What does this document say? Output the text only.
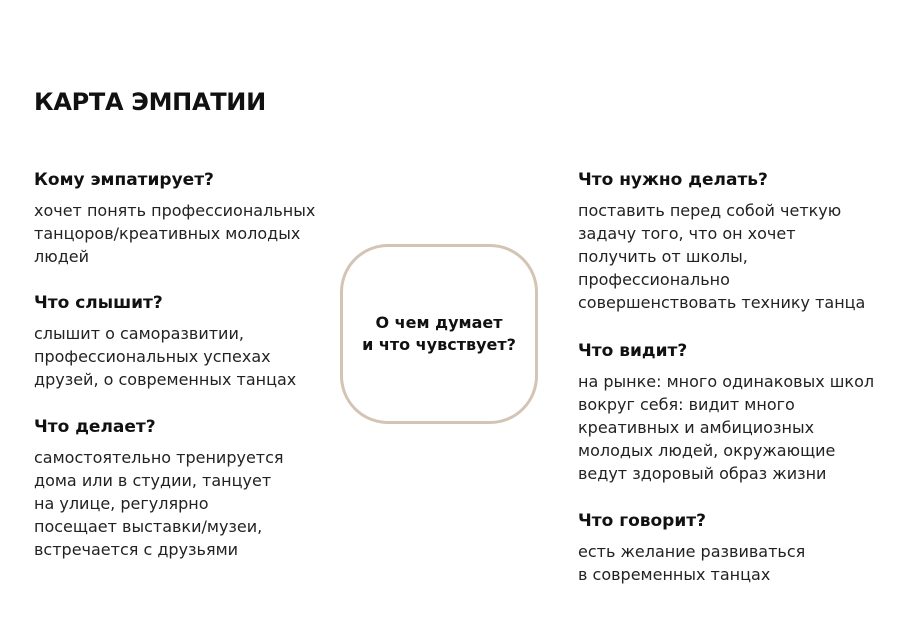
КАРТА ЭМПАТИИ
Кому эмпатирует?
хочет понять профессиональных
танцоров/креативных молодых
людей
Что слышит?
слышит о саморазвитии,
профессиональных успехах
друзей, о современных танцах
Что делает?
самостоятельно тренируется
дома или в студии, танцует
на улице, регулярно
посещает выставки/музеи,
встречается с друзьями
О чем думает
и что чувствует?
Что нужно делать?
поставить перед собой четкую
задачу того, что он хочет
получить от школы,
профессионально
совершенствовать технику танца
Что видит?
на рынке: много одинаковых школ
вокруг себя: видит много
креативных и амбициозных
молодых людей, окружающие
ведут здоровый образ жизни
Что говорит?
есть желание развиваться
в современных танцах
